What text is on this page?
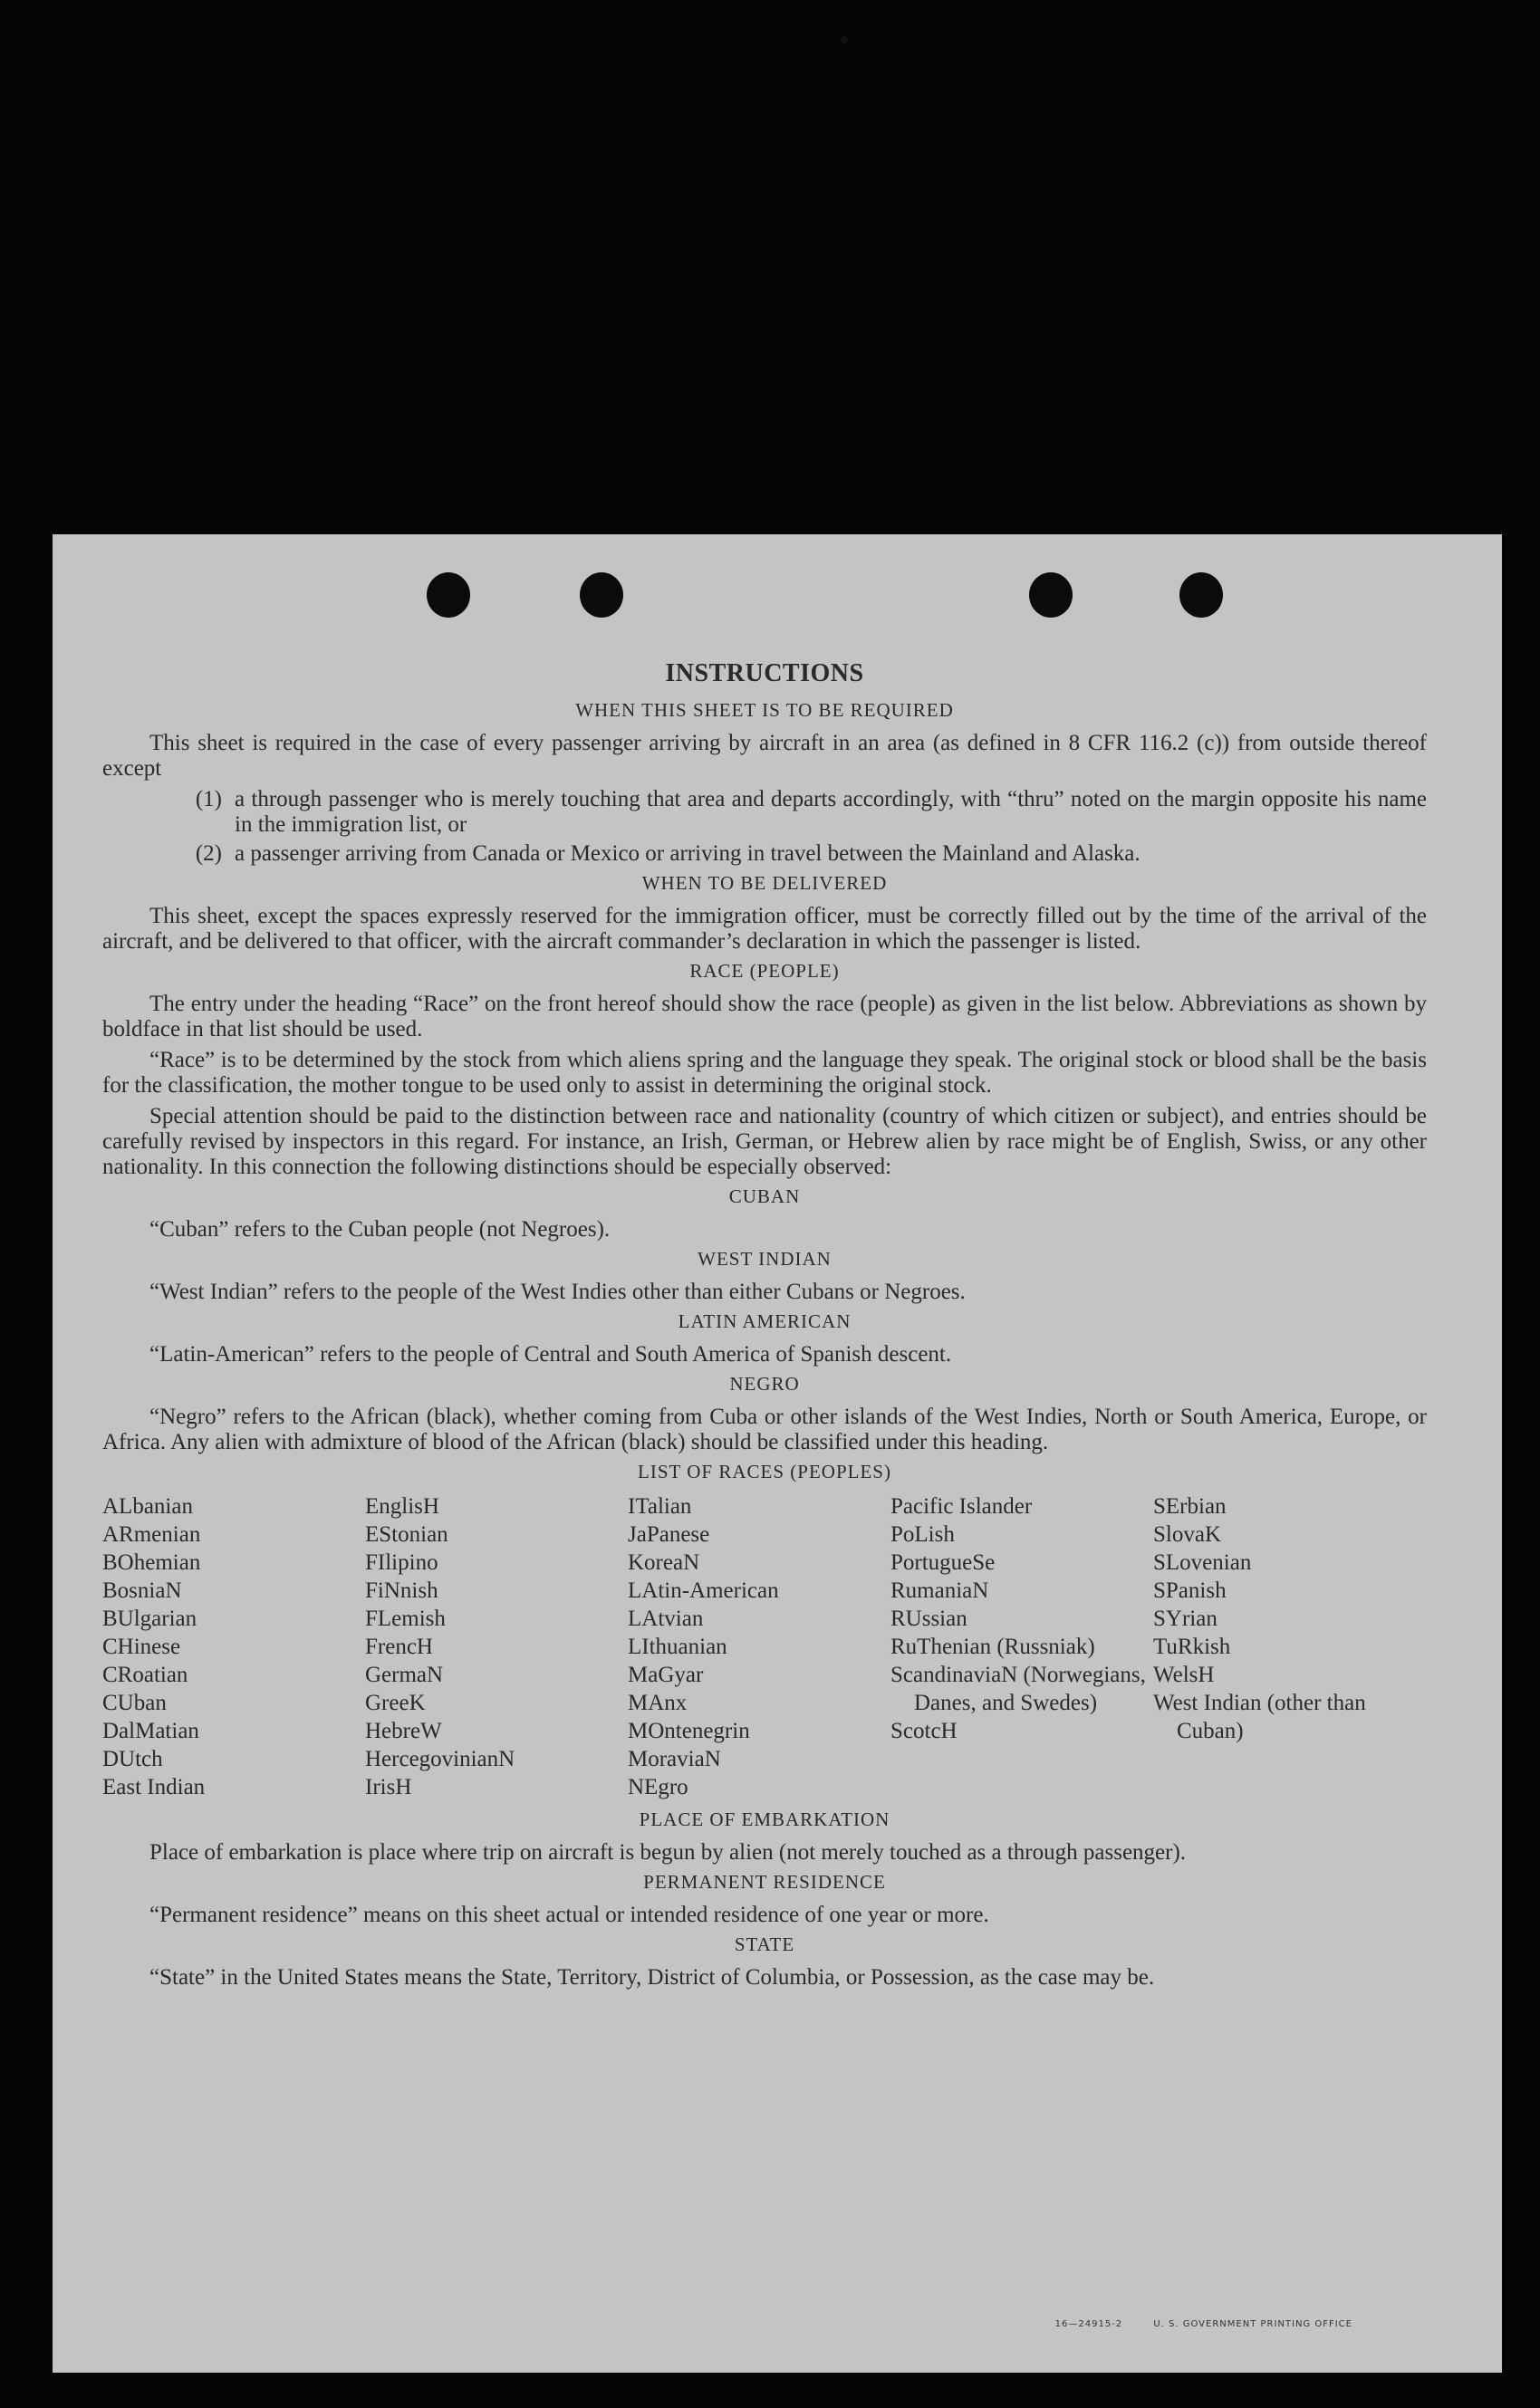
INSTRUCTIONS
WHEN THIS SHEET IS TO BE REQUIRED

This sheet is required in the case of every passenger arriving by aircraft in an area (as defined in 8 CFR 116.2 (c)) from outside thereof except

(1) a through passenger who is merely touching that area and departs accordingly, with “thru” noted on the margin opposite his name in the immigration list, or
(2) a passenger arriving from Canada or Mexico or arriving in travel between the Mainland and Alaska.
WHEN TO BE DELIVERED

This sheet, except the spaces expressly reserved for the immigration officer, must be correctly filled out by the time of the arrival of the aircraft, and be delivered to that officer, with the aircraft commander’s declaration in which the passenger is listed.

RACE (PEOPLE)

The entry under the heading “Race” on the front hereof should show the race (people) as given in the list below. Abbreviations as shown by boldface in that list should be used.

“Race” is to be determined by the stock from which aliens spring and the language they speak. The original stock or blood shall be the basis for the classification, the mother tongue to be used only to assist in determining the original stock.

Special attention should be paid to the distinction between race and nationality (country of which citizen or subject), and entries should be carefully revised by inspectors in this regard. For instance, an Irish, German, or Hebrew alien by race might be of English, Swiss, or any other nationality. In this connection the following distinctions should be especially observed:

CUBAN

“Cuban” refers to the Cuban people (not Negroes).

WEST INDIAN

“West Indian” refers to the people of the West Indies other than either Cubans or Negroes.

LATIN AMERICAN

“Latin-American” refers to the people of Central and South America of Spanish descent.

NEGRO

“Negro” refers to the African (black), whether coming from Cuba or other islands of the West Indies, North or South America, Europe, or Africa. Any alien with admixture of blood of the African (black) should be classified under this heading.

LIST OF RACES (PEOPLES)
ALbanian
ARmenian
BOhemian
BosniaN
BUlgarian
CHinese
CRoatian
CUban
DalMatian
DUtch
East Indian
EnglisH
EStonian
FIlipino
FiNnish
FLemish
FrencH
GermaN
GreeK
HebreW
HercegovinianN
IrisH
ITalian
JaPanese
KoreaN
LAtin-American
LAtvian
LIthuanian
MaGyar
MAnx
MOntenegrin
MoraviaN
NEgro
Pacific Islander
PoLish
PortugueSe
RumaniaN
RUssian
RuThenian (Russniak)
ScandinaviaN (Norwegians, Danes, and Swedes)
ScotcH
SErbian
SlovaK
SLovenian
SPanish
SYrian
TuRkish
WelsH
West Indian (other than Cuban)
PLACE OF EMBARKATION

Place of embarkation is place where trip on aircraft is begun by alien (not merely touched as a through passenger).

PERMANENT RESIDENCE

“Permanent residence” means on this sheet actual or intended residence of one year or more.

STATE

“State” in the United States means the State, Territory, District of Columbia, or Possession, as the case may be.

16—24915-2	U. S. GOVERNMENT PRINTING OFFICE
